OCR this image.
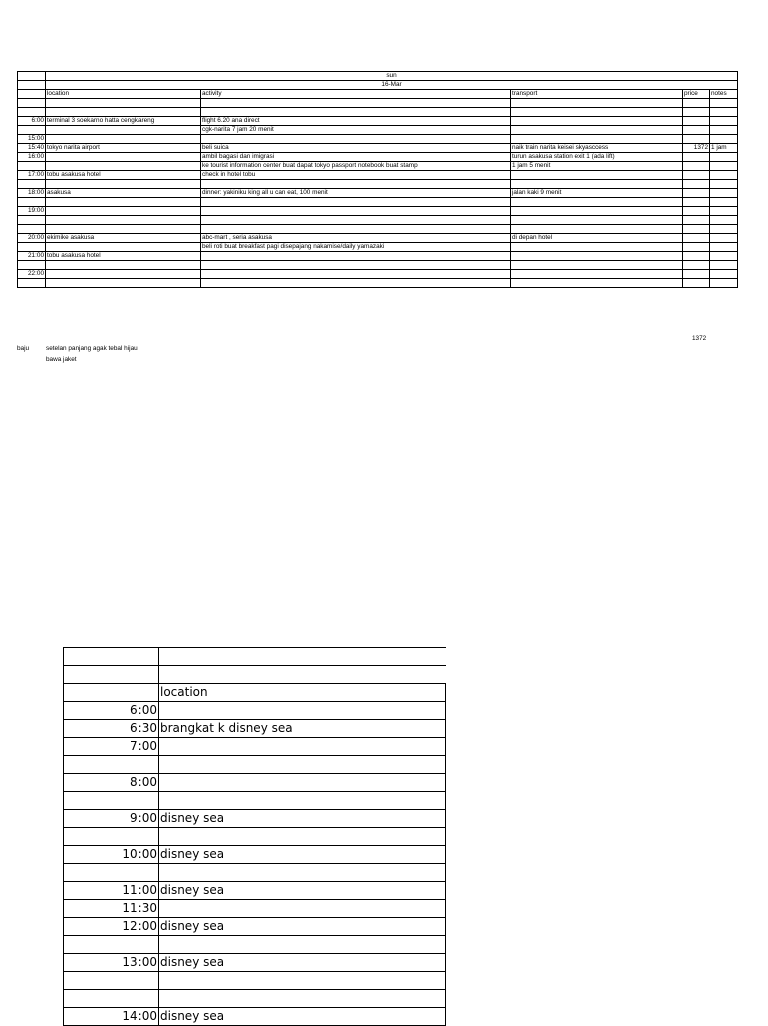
	sun				
	16-Mar				
	location	activity	transport	price	notes

6:00	terminal 3 soekarno hatta cengkareng	flight 6.20 ana direct			
		cgk-narita 7 jam 20 menit			
15:00					
15:40	tokyo narita airport	beli suica	naik train narita keisei skyasccess	1372	1 jam
16:00		ambil bagasi dan imigrasi	turun asakusa station exit 1 (ada lift)		
		ke tourist information center buat dapat tokyo passport notebook buat stamp	1 jam 5 menit		
17:00	tobu asakusa hotel	check in hotel tobu			

18:00	asakusa	dinner: yakiniku king all u can eat, 100 menit	jalan kaki 9 menit		

19:00					

20:00	ekimike asakusa	abc-mart , seria asakusa	di depan hotel		
		beli roti buat breakfast pagi disepajang nakamise/daily yamazaki			
21:00	tobu asakusa hotel				

22:00					

1372
baju	setelan panjang agak tebal hijau
bawa jaket

	location
6:00	
6:30	brangkat k disney sea
7:00	

8:00	

9:00	disney sea

10:00	disney sea

11:00	disney sea
11:30	
12:00	disney sea

13:00	disney sea

14:00	disney sea
